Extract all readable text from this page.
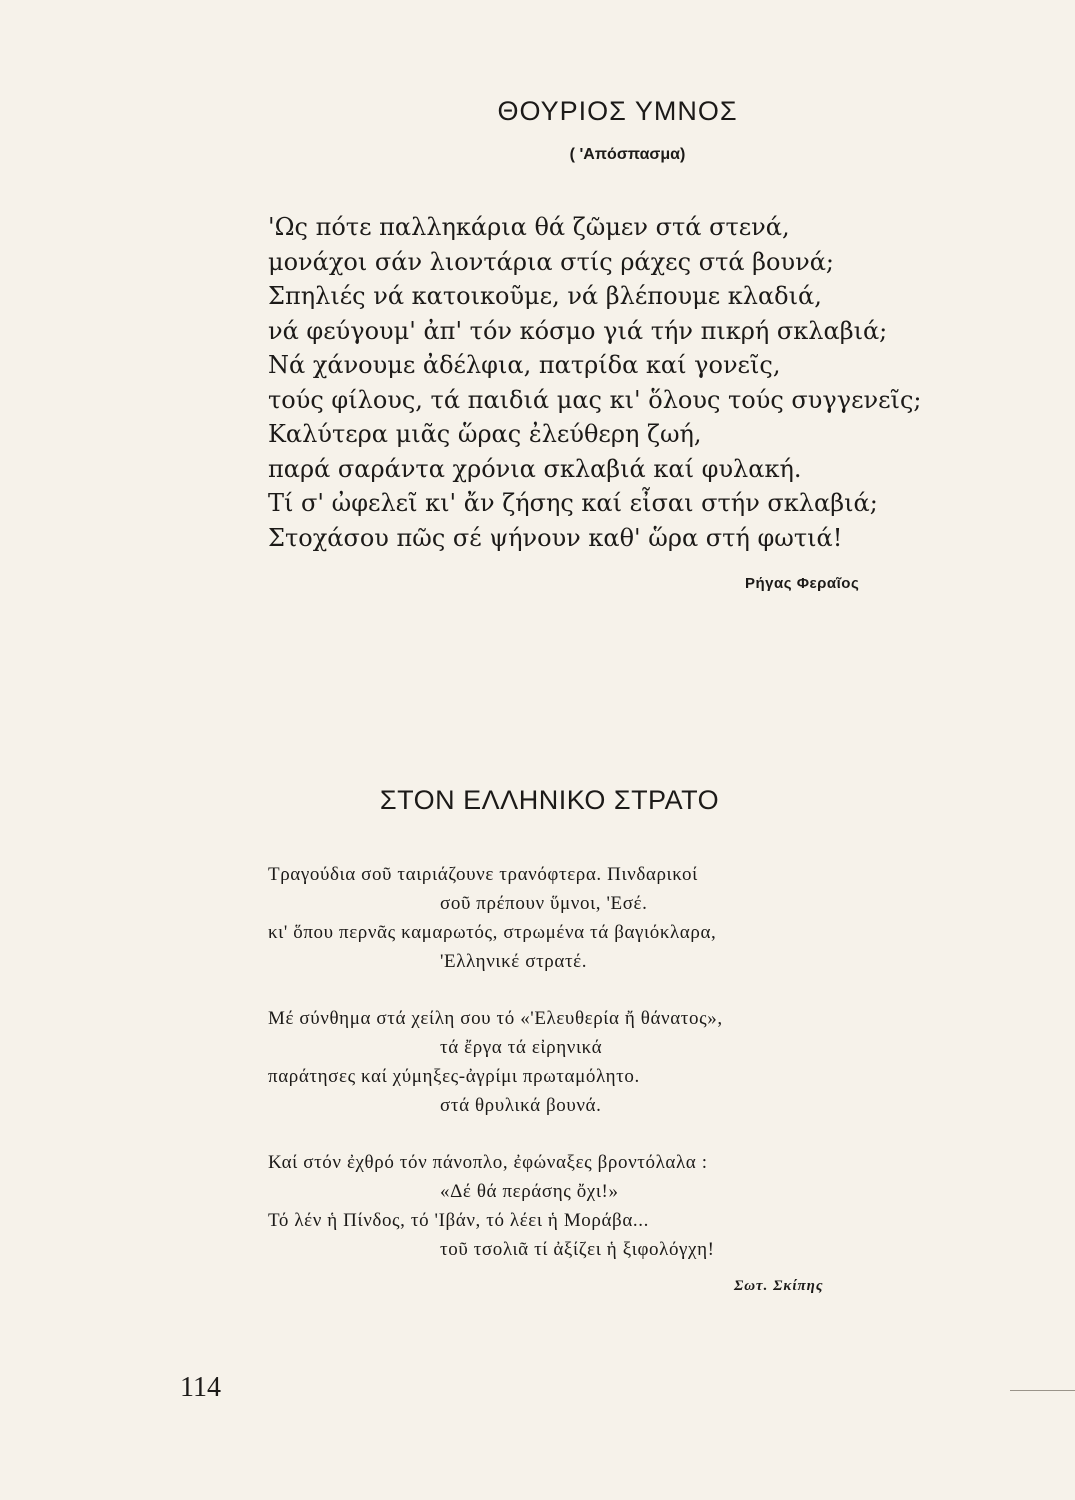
ΘΟΥΡΙΟΣ ΥΜΝΟΣ
( 'Απόσπασμα)
'Ως πότε παλληκάρια θά ζῶμεν στά στενά,
μονάχοι σάν λιοντάρια στίς ράχες στά βουνά;
Σπηλιές νά κατοικοῦμε, νά βλέπουμε κλαδιά,
νά φεύγουμ' ἀπ' τόν κόσμο γιά τήν πικρή σκλαβιά;
Νά χάνουμε ἀδέλφια, πατρίδα καί γονεῖς,
τούς φίλους, τά παιδιά μας κι' ὅλους τούς συγγενεῖς;
Καλύτερα μιᾶς ὥρας ἐλεύθερη ζωή,
παρά σαράντα χρόνια σκλαβιά καί φυλακή.
Τί σ' ὠφελεῖ κι' ἄν ζήσης καί εἶσαι στήν σκλαβιά;
Στοχάσου πῶς σέ ψήνουν καθ' ὥρα στή φωτιά!
Ρήγας Φεραῖος
ΣΤΟΝ ΕΛΛΗΝΙΚΟ ΣΤΡΑΤΟ
Τραγούδια σοῦ ταιριάζουνε τρανόφτερα. Πινδαρικοί
σοῦ πρέπουν ὕμνοι, 'Εσέ.
κι' ὅπου περνᾶς καμαρωτός, στρωμένα τά βαγιόκλαρα,
'Ελληνικέ στρατέ.
Μέ σύνθημα στά χείλη σου τό «'Ελευθερία ἤ θάνατος»,
τά ἔργα τά εἰρηνικά
παράτησες καί χύμηξες-ἀγρίμι πρωταμόλητο.
στά θρυλικά βουνά.
Καί στόν ἐχθρό τόν πάνοπλο, ἐφώναξες βροντόλαλα :
«Δέ θά περάσης ὄχι!»
Τό λέν ἡ Πίνδος, τό 'Ιβάν, τό λέει ἡ Μοράβα...
τοῦ τσολιᾶ τί ἀξίζει ἡ ξιφολόγχη!
Σωτ. Σκίπης
114
